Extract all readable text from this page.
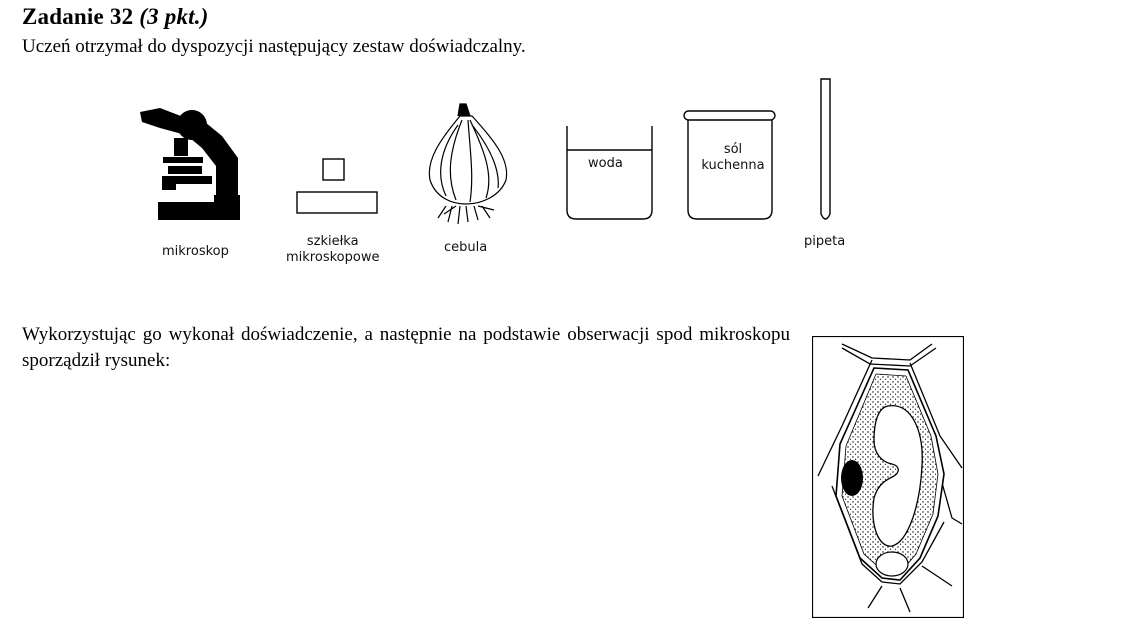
Zadanie 32 (3 pkt.)
Uczeń otrzymał do dyspozycji następujący zestaw doświadczalny.
mikroskop
szkiełka
mikroskopowe
cebula
woda
sól
kuchenna
pipeta
Wykorzystując go wykonał doświadczenie, a następnie na podstawie obserwacji spod mikroskopu sporządził rysunek:
